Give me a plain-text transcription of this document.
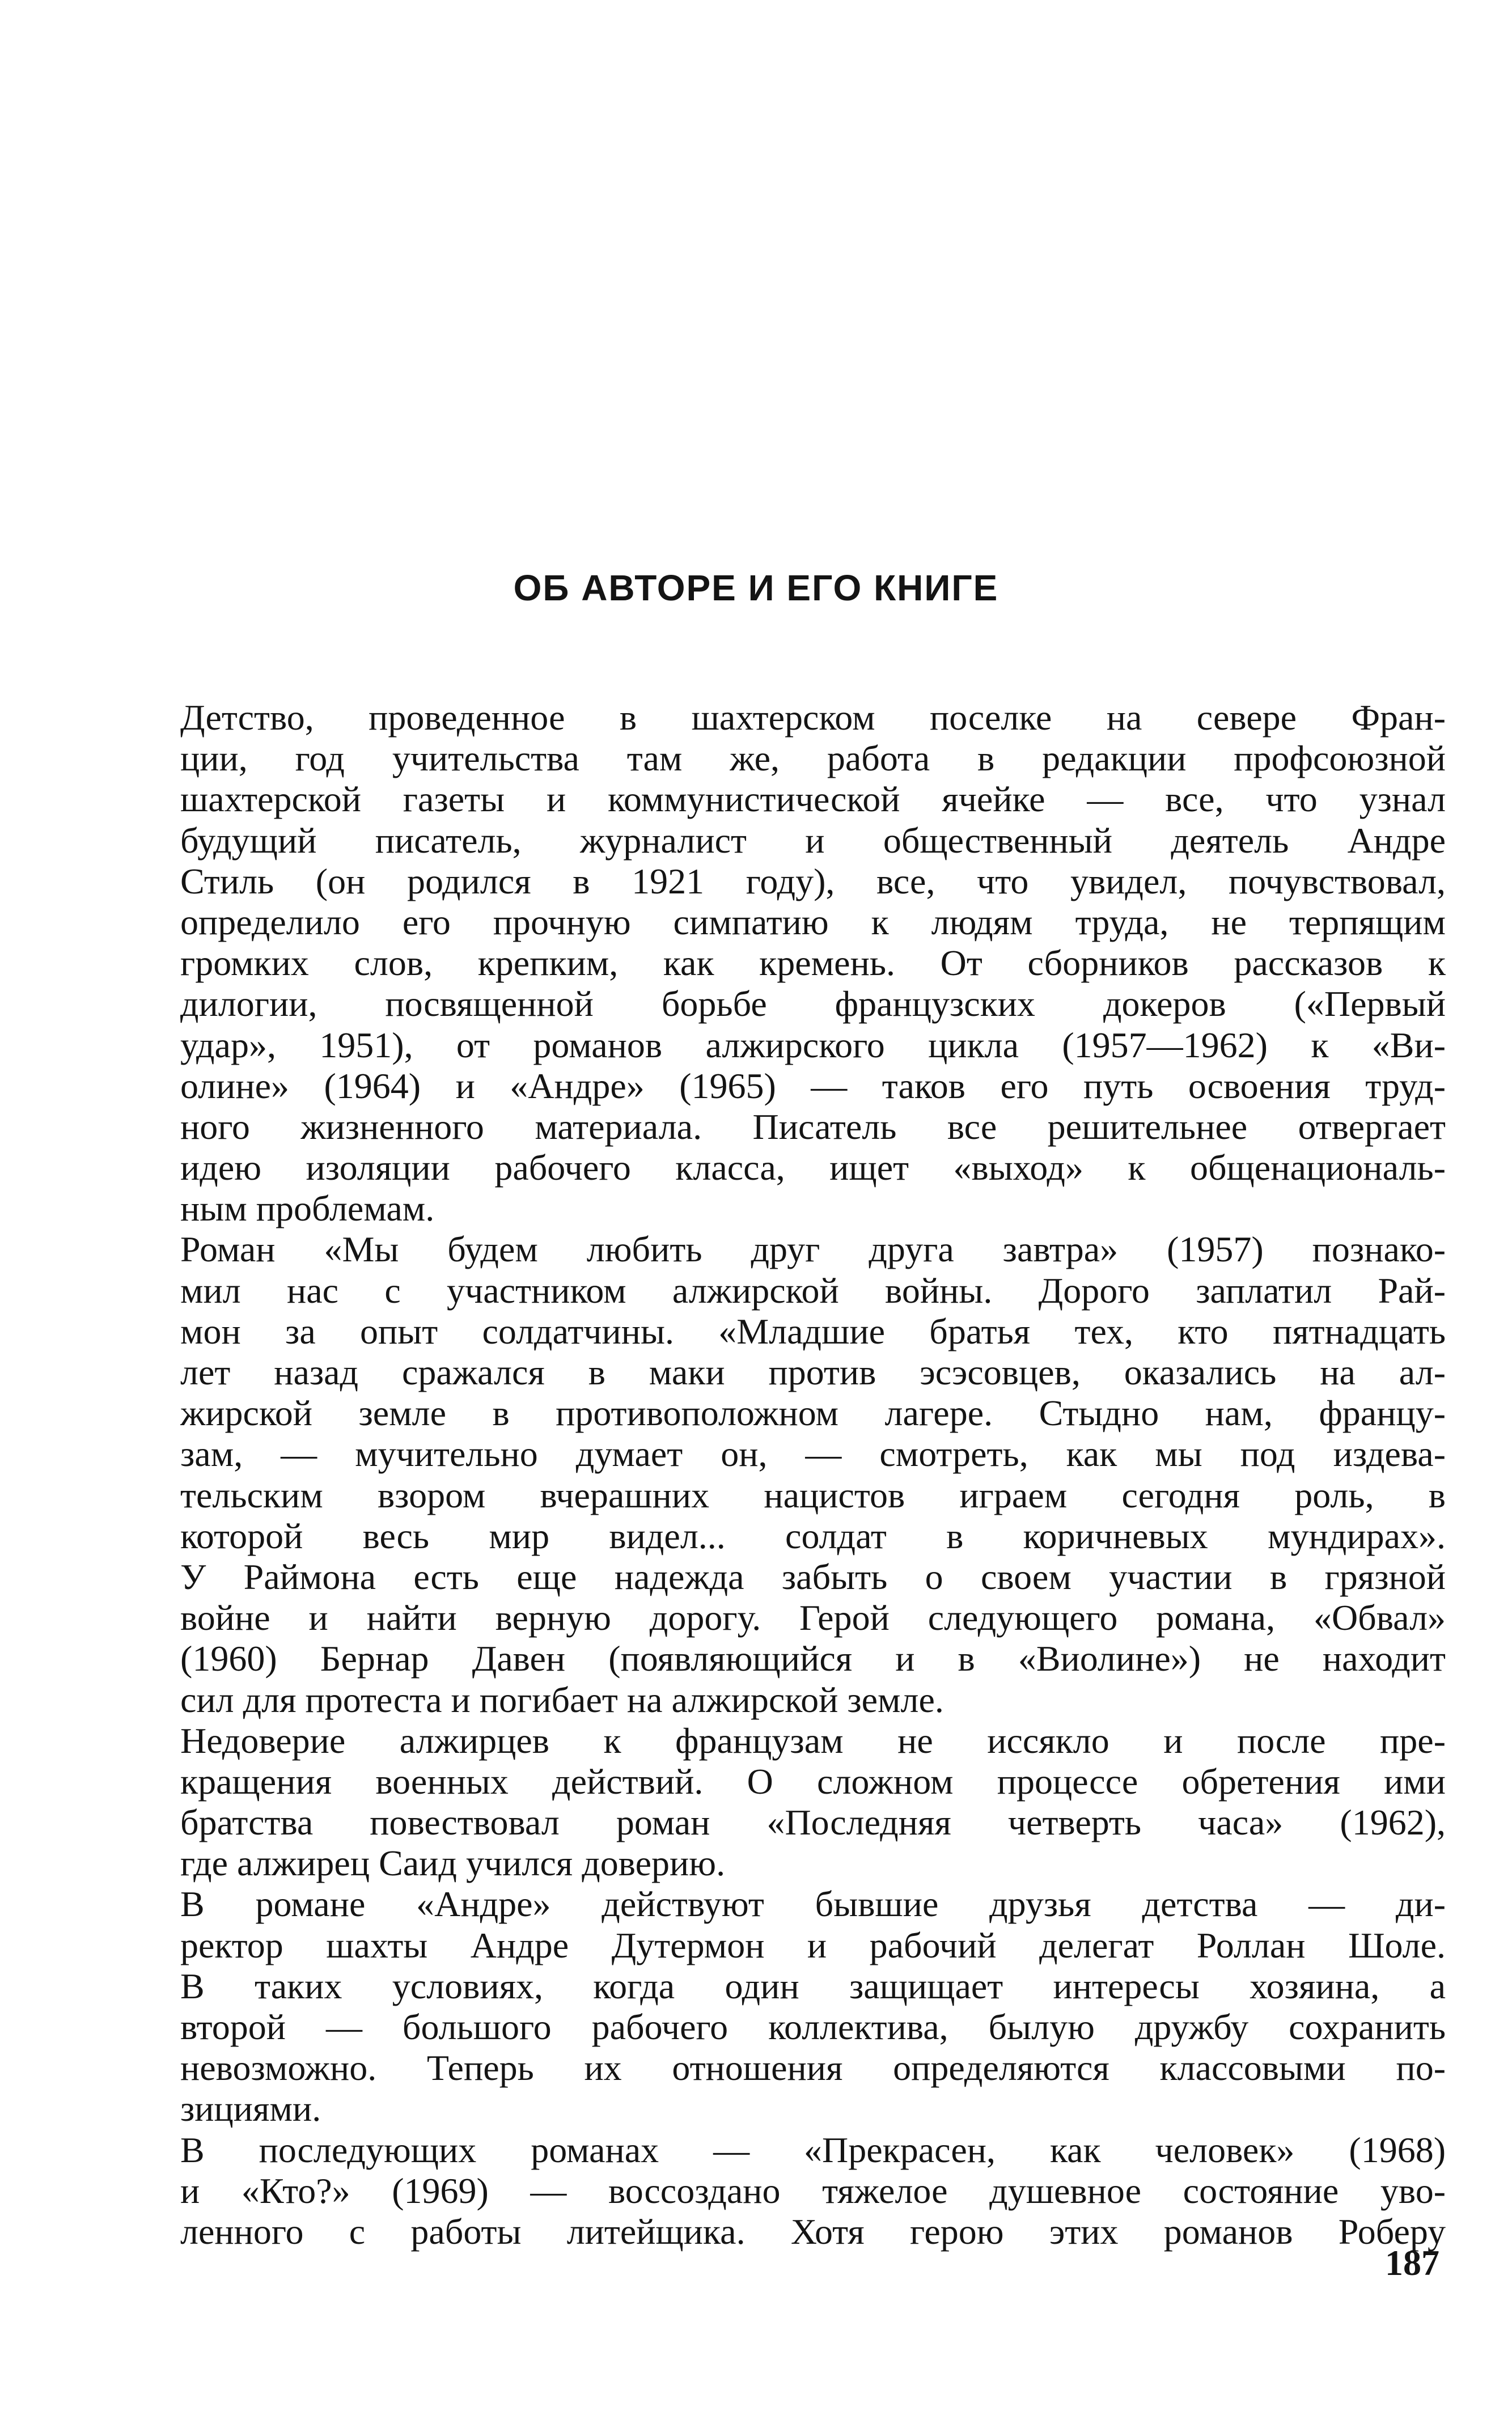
ОБ АВТОРЕ И ЕГО КНИГЕ

Детство, проведенное в шахтерском поселке на севере Фран-
ции, год учительства там же, работа в редакции профсоюзной
шахтерской газеты и коммунистической ячейке — все, что узнал
будущий писатель, журналист и общественный деятель Андре
Стиль (он родился в 1921 году), все, что увидел, почувствовал,
определило его прочную симпатию к людям труда, не терпящим
громких слов, крепким, как кремень. От сборников рассказов к
дилогии, посвященной борьбе французских докеров («Первый
удар», 1951), от романов алжирского цикла (1957—1962) к «Ви-
олине» (1964) и «Андре» (1965) — таков его путь освоения труд-
ного жизненного материала. Писатель все решительнее отвергает
идею изоляции рабочего класса, ищет «выход» к общенациональ-
ным проблемам.

Роман «Мы будем любить друг друга завтра» (1957) познако-
мил нас с участником алжирской войны. Дорого заплатил Рай-
мон за опыт солдатчины. «Младшие братья тех, кто пятнадцать
лет назад сражался в маки против эсэсовцев, оказались на ал-
жирской земле в противоположном лагере. Стыдно нам, францу-
зам, — мучительно думает он, — смотреть, как мы под издева-
тельским взором вчерашних нацистов играем сегодня роль, в
которой весь мир видел... солдат в коричневых мундирах».
У Раймона есть еще надежда забыть о своем участии в грязной
войне и найти верную дорогу. Герой следующего романа, «Обвал»
(1960) Бернар Давен (появляющийся и в «Виолине») не находит
сил для протеста и погибает на алжирской земле.

Недоверие алжирцев к французам не иссякло и после пре-
кращения военных действий. О сложном процессе обретения ими
братства повествовал роман «Последняя четверть часа» (1962),
где алжирец Саид учился доверию.

В романе «Андре» действуют бывшие друзья детства — ди-
ректор шахты Андре Дутермон и рабочий делегат Роллан Шоле.
В таких условиях, когда один защищает интересы хозяина, а
второй — большого рабочего коллектива, былую дружбу сохранить
невозможно. Теперь их отношения определяются классовыми по-
зициями.

В последующих романах — «Прекрасен, как человек» (1968)
и «Кто?» (1969) — воссоздано тяжелое душевное состояние уво-
ленного с работы литейщика. Хотя герою этих романов Роберу

187
